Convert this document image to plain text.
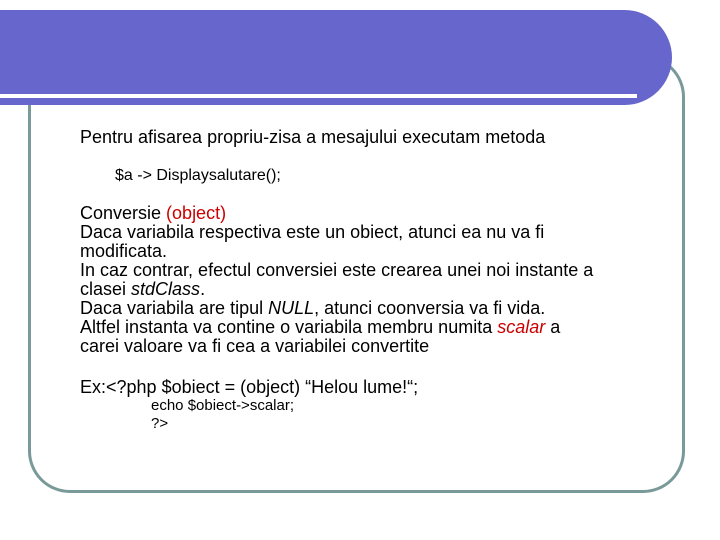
Pentru afisarea propriu-zisa a mesajului executam metoda
$a -> Displaysalutare();
Conversie (object)
Daca variabila respectiva este un obiect, atunci ea nu va fi
modificata.
In caz contrar, efectul conversiei este crearea unei noi instante a
clasei stdClass.
Daca variabila are tipul NULL, atunci coonversia va fi vida.
Altfel instanta va contine o variabila membru numita scalar a
carei valoare va fi cea a variabilei convertite
Ex:<?php $obiect = (object) “Helou lume!“;
echo $obiect->scalar;
?>
